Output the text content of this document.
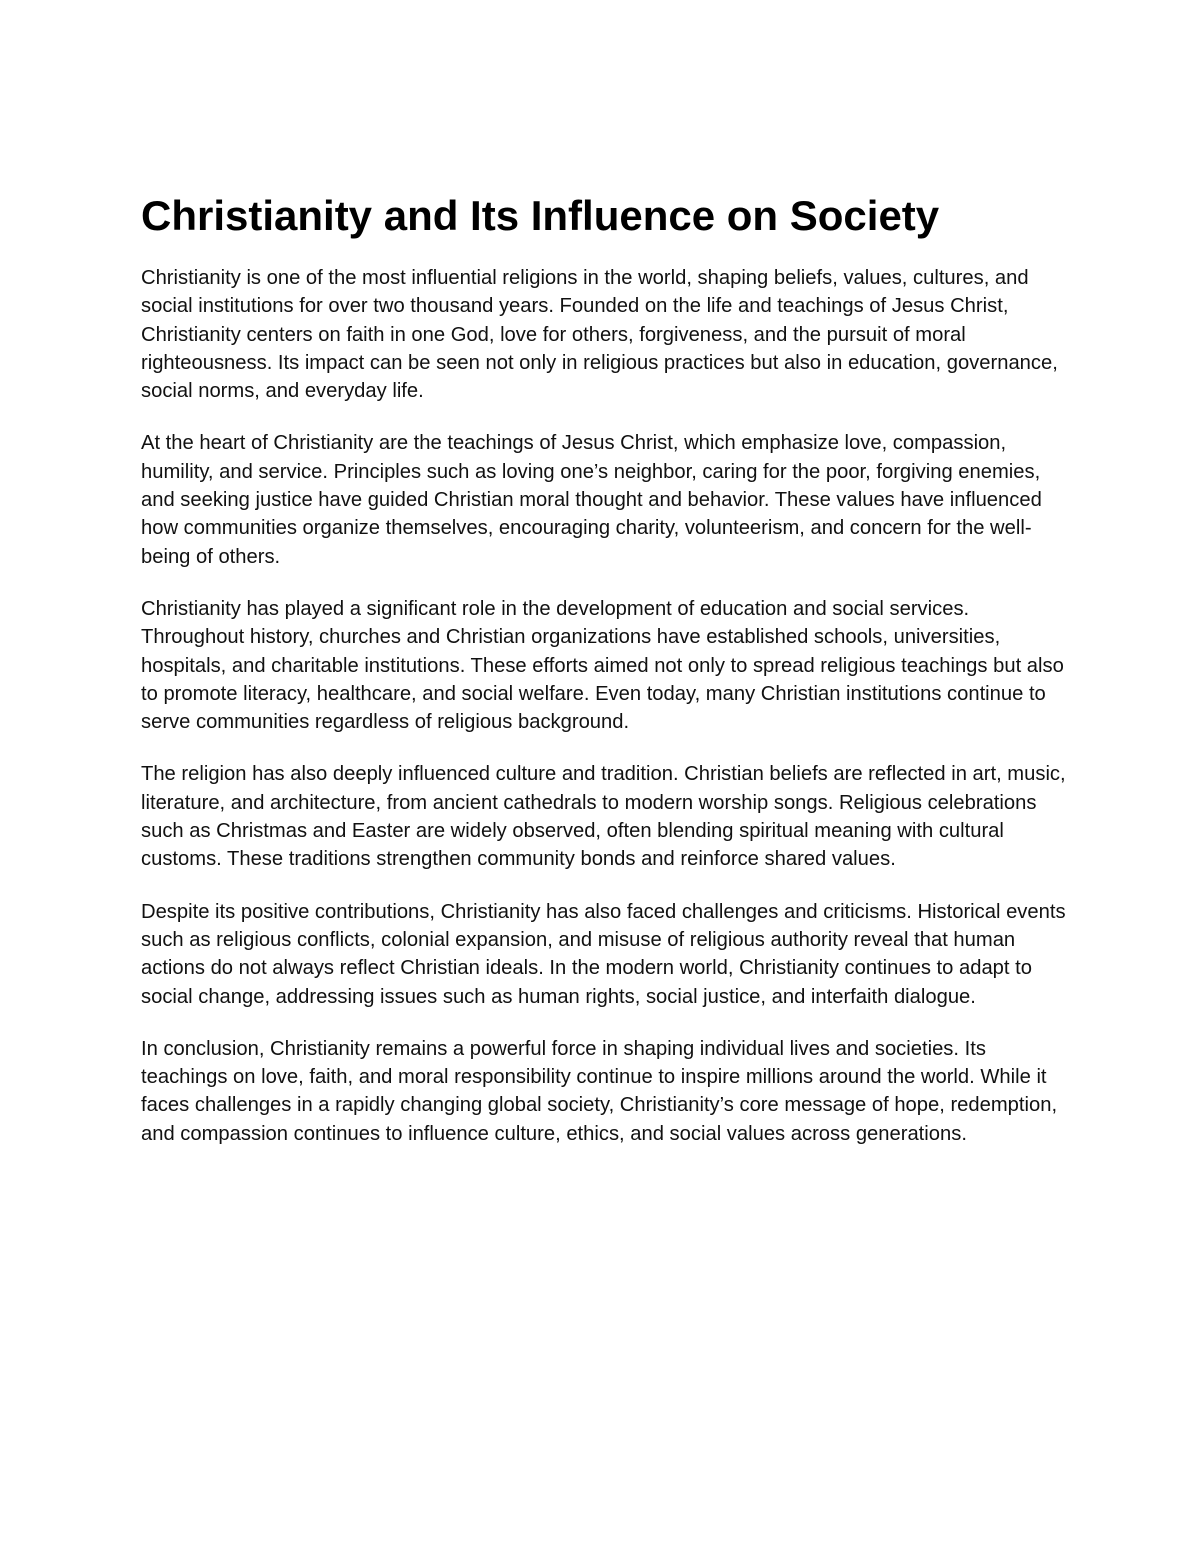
Christianity and Its Influence on Society

Christianity is one of the most influential religions in the world, shaping beliefs, values, cultures, and social institutions for over two thousand years. Founded on the life and teachings of Jesus Christ, Christianity centers on faith in one God, love for others, forgiveness, and the pursuit of moral righteousness. Its impact can be seen not only in religious practices but also in education, governance, social norms, and everyday life.

At the heart of Christianity are the teachings of Jesus Christ, which emphasize love, compassion, humility, and service. Principles such as loving one’s neighbor, caring for the poor, forgiving enemies, and seeking justice have guided Christian moral thought and behavior. These values have influenced how communities organize themselves, encouraging charity, volunteerism, and concern for the well-being of others.

Christianity has played a significant role in the development of education and social services. Throughout history, churches and Christian organizations have established schools, universities, hospitals, and charitable institutions. These efforts aimed not only to spread religious teachings but also to promote literacy, healthcare, and social welfare. Even today, many Christian institutions continue to serve communities regardless of religious background.

The religion has also deeply influenced culture and tradition. Christian beliefs are reflected in art, music, literature, and architecture, from ancient cathedrals to modern worship songs. Religious celebrations such as Christmas and Easter are widely observed, often blending spiritual meaning with cultural customs. These traditions strengthen community bonds and reinforce shared values.

Despite its positive contributions, Christianity has also faced challenges and criticisms. Historical events such as religious conflicts, colonial expansion, and misuse of religious authority reveal that human actions do not always reflect Christian ideals. In the modern world, Christianity continues to adapt to social change, addressing issues such as human rights, social justice, and interfaith dialogue.

In conclusion, Christianity remains a powerful force in shaping individual lives and societies. Its teachings on love, faith, and moral responsibility continue to inspire millions around the world. While it faces challenges in a rapidly changing global society, Christianity’s core message of hope, redemption, and compassion continues to influence culture, ethics, and social values across generations.
